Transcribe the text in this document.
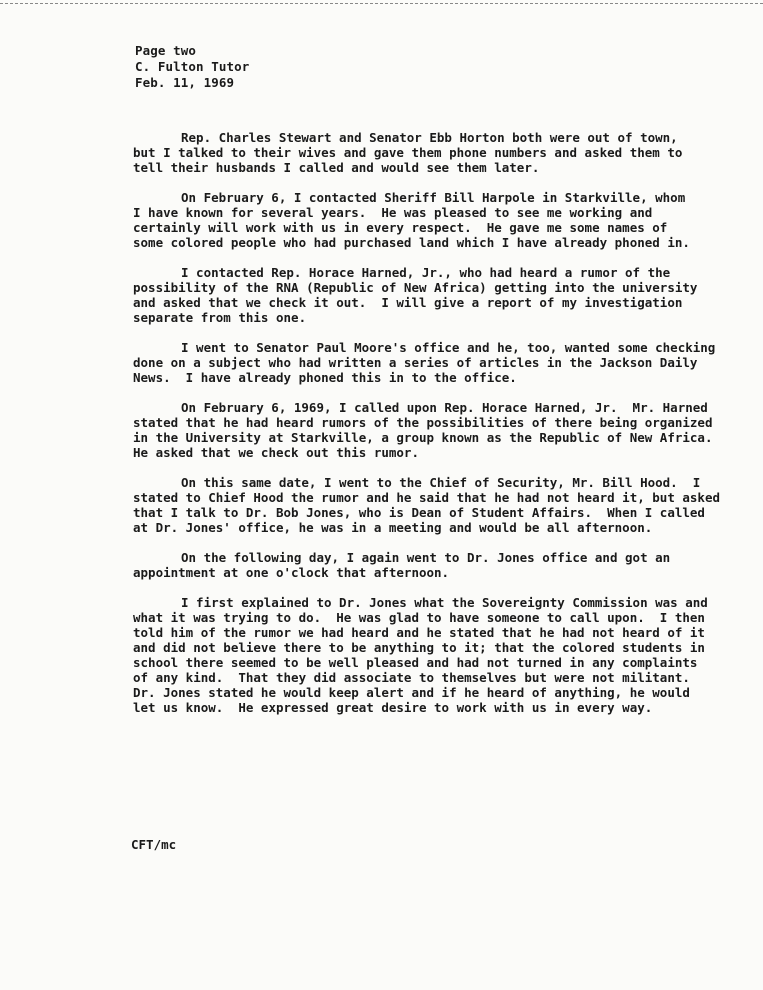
Page two
C. Fulton Tutor
Feb. 11, 1969
Rep. Charles Stewart and Senator Ebb Horton both were out of town,
but I talked to their wives and gave them phone numbers and asked them to
tell their husbands I called and would see them later.
On February 6, I contacted Sheriff Bill Harpole in Starkville, whom
I have known for several years.  He was pleased to see me working and
certainly will work with us in every respect.  He gave me some names of
some colored people who had purchased land which I have already phoned in.
I contacted Rep. Horace Harned, Jr., who had heard a rumor of the
possibility of the RNA (Republic of New Africa) getting into the university
and asked that we check it out.  I will give a report of my investigation
separate from this one.
I went to Senator Paul Moore's office and he, too, wanted some checking
done on a subject who had written a series of articles in the Jackson Daily
News.  I have already phoned this in to the office.
On February 6, 1969, I called upon Rep. Horace Harned, Jr.  Mr. Harned
stated that he had heard rumors of the possibilities of there being organized
in the University at Starkville, a group known as the Republic of New Africa.
He asked that we check out this rumor.
On this same date, I went to the Chief of Security, Mr. Bill Hood.  I
stated to Chief Hood the rumor and he said that he had not heard it, but asked
that I talk to Dr. Bob Jones, who is Dean of Student Affairs.  When I called
at Dr. Jones' office, he was in a meeting and would be all afternoon.
On the following day, I again went to Dr. Jones office and got an
appointment at one o'clock that afternoon.
I first explained to Dr. Jones what the Sovereignty Commission was and
what it was trying to do.  He was glad to have someone to call upon.  I then
told him of the rumor we had heard and he stated that he had not heard of it
and did not believe there to be anything to it; that the colored students in
school there seemed to be well pleased and had not turned in any complaints
of any kind.  That they did associate to themselves but were not militant.
Dr. Jones stated he would keep alert and if he heard of anything, he would
let us know.  He expressed great desire to work with us in every way.
CFT/mc
